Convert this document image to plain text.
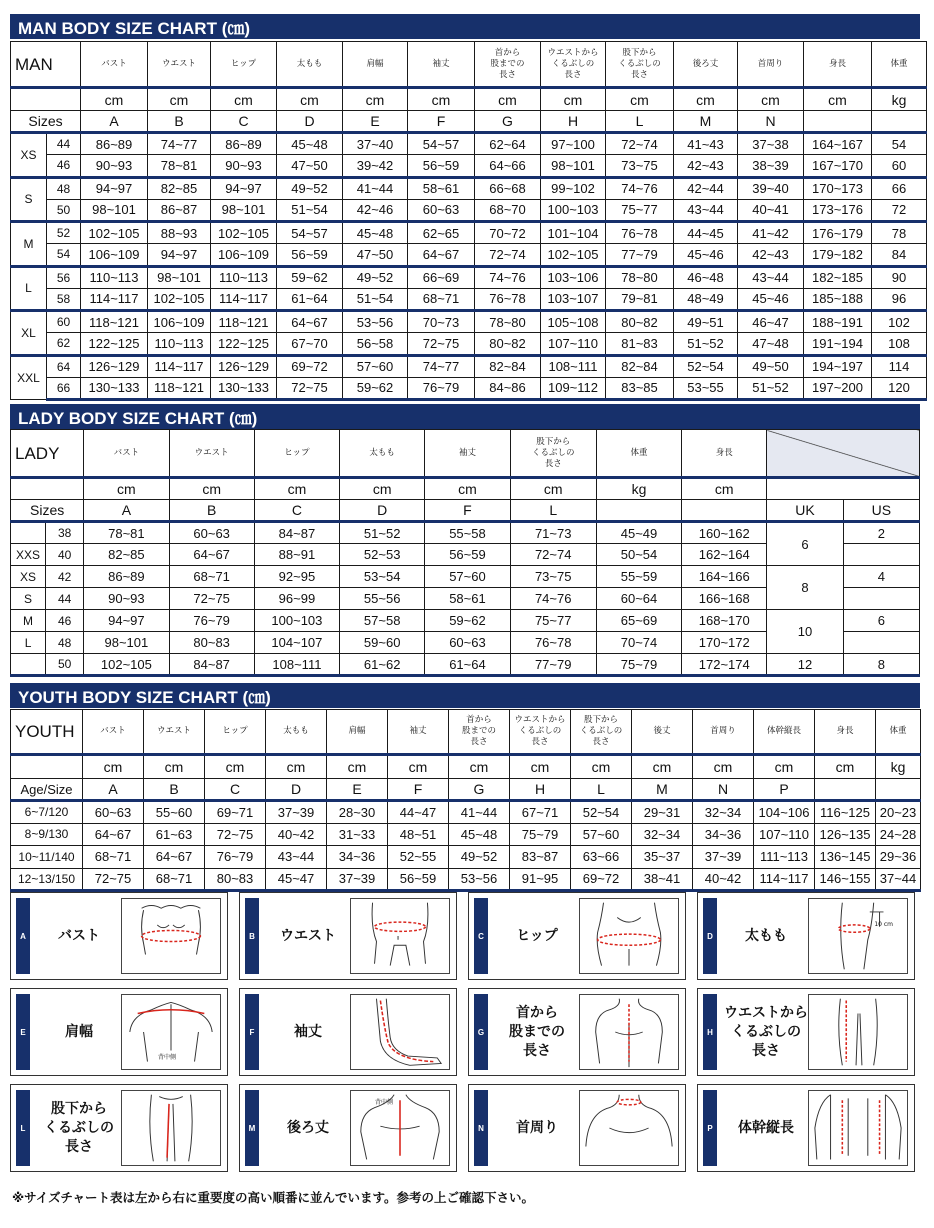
MAN BODY SIZE CHART (㎝)
MAN		バスト	ウエスト	ヒップ	太もも	肩幅	袖丈	首から
股までの
長さ	ウエストから
くるぶしの
長さ	股下から
くるぶしの
長さ	後ろ丈	首周り	身長	体重
		cm	cm	cm	cm	cm	cm	cm	cm	cm	cm	cm	cm	kg
Sizes		A	B	C	D	E	F	G	H	L	M	N		
XS	44	86~89	74~77	86~89	45~48	37~40	54~57	62~64	97~100	72~74	41~43	37~38	164~167	54
	46	90~93	78~81	90~93	47~50	39~42	56~59	64~66	98~101	73~75	42~43	38~39	167~170	60
S	48	94~97	82~85	94~97	49~52	41~44	58~61	66~68	99~102	74~76	42~44	39~40	170~173	66
	50	98~101	86~87	98~101	51~54	42~46	60~63	68~70	100~103	75~77	43~44	40~41	173~176	72
M	52	102~105	88~93	102~105	54~57	45~48	62~65	70~72	101~104	76~78	44~45	41~42	176~179	78
	54	106~109	94~97	106~109	56~59	47~50	64~67	72~74	102~105	77~79	45~46	42~43	179~182	84
L	56	110~113	98~101	110~113	59~62	49~52	66~69	74~76	103~106	78~80	46~48	43~44	182~185	90
	58	114~117	102~105	114~117	61~64	51~54	68~71	76~78	103~107	79~81	48~49	45~46	185~188	96
XL	60	118~121	106~109	118~121	64~67	53~56	70~73	78~80	105~108	80~82	49~51	46~47	188~191	102
	62	122~125	110~113	122~125	67~70	56~58	72~75	80~82	107~110	81~83	51~52	47~48	191~194	108
XXL	64	126~129	114~117	126~129	69~72	57~60	74~77	82~84	108~111	82~84	52~54	49~50	194~197	114
	66	130~133	118~121	130~133	72~75	59~62	76~79	84~86	109~112	83~85	53~55	51~52	197~200	120
LADY BODY SIZE CHART (㎝)
LADY		バスト	ウエスト	ヒップ	太もも	袖丈	股下から
くるぶしの
長さ	体重	身長		
		cm	cm	cm	cm	cm	cm	kg	cm		
Sizes		A	B	C	D	F	L			UK	US
	38	78~81	60~63	84~87	51~52	55~58	71~73	45~49	160~162	6	2
XXS	40	82~85	64~67	88~91	52~53	56~59	72~74	50~54	162~164		
XS	42	86~89	68~71	92~95	53~54	57~60	73~75	55~59	164~166	8	4
S	44	90~93	72~75	96~99	55~56	58~61	74~76	60~64	166~168		
M	46	94~97	76~79	100~103	57~58	59~62	75~77	65~69	168~170	10	6
L	48	98~101	80~83	104~107	59~60	60~63	76~78	70~74	170~172		
	50	102~105	84~87	108~111	61~62	61~64	77~79	75~79	172~174	12	8
YOUTH BODY SIZE CHART (㎝)
YOUTH	バスト	ウエスト	ヒップ	太もも	肩幅	袖丈	首から
股までの
長さ	ウエストから
くるぶしの
長さ	股下から
くるぶしの
長さ	後丈	首周り	体幹縦長	身長	体重
	cm	cm	cm	cm	cm	cm	cm	cm	cm	cm	cm	cm	cm	kg
Age/Size	A	B	C	D	E	F	G	H	L	M	N	P		
6~7/120	60~63	55~60	69~71	37~39	28~30	44~47	41~44	67~71	52~54	29~31	32~34	104~106	116~125	20~23
8~9/130	64~67	61~63	72~75	40~42	31~33	48~51	45~48	75~79	57~60	32~34	34~36	107~110	126~135	24~28
10~11/140	68~71	64~67	76~79	43~44	34~36	52~55	49~52	83~87	63~66	35~37	37~39	111~113	136~145	29~36
12~13/150	72~75	68~71	80~83	45~47	37~39	56~59	53~56	91~95	69~72	38~41	40~42	114~117	146~155	37~44
A	バスト	B	ウエスト	C	ヒップ	D	太もも
10 cm
E	肩幅
背中側
F	袖丈	G
首から
股までの
長さ
H
ウエストから
くるぶしの
長さ
L
股下から
くるぶしの
長さ
M	後ろ丈
背中側
N	首周り	P	体幹縦長
※サイズチャート表は左から右に重要度の高い順番に並んでいます。参考の上ご確認下さい。
